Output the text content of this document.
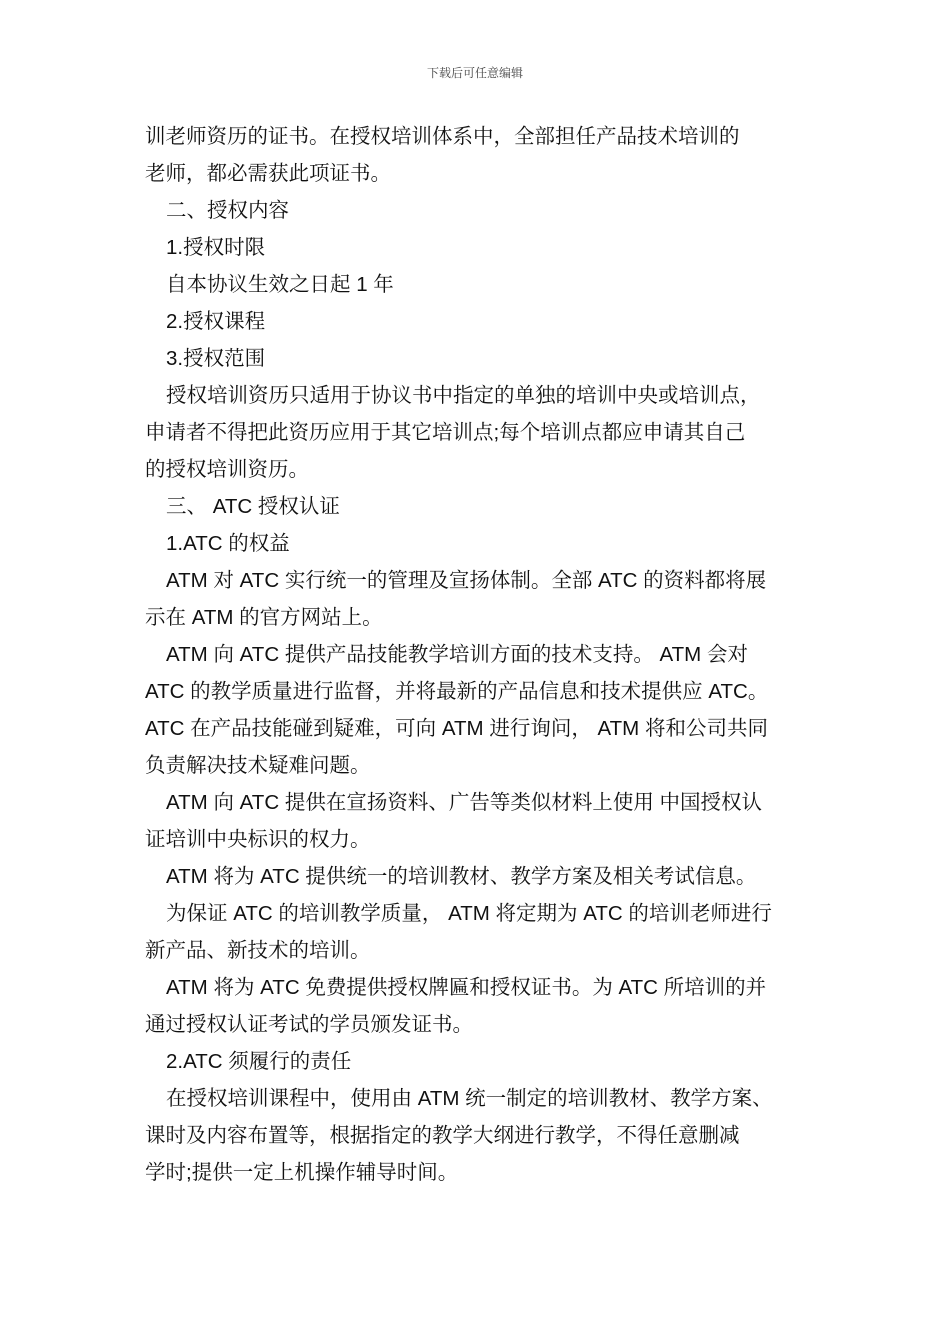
下载后可任意编辑
训老师资历的证书。在授权培训体系中，全部担任产品技术培训的
老师，都必需获此项证书。
二、授权内容
1.授权时限
自本协议生效之日起 1 年
2.授权课程
3.授权范围
授权培训资历只适用于协议书中指定的单独的培训中央或培训点，
申请者不得把此资历应用于其它培训点;每个培训点都应申请其自己
的授权培训资历。
三、 ATC 授权认证
1.ATC 的权益
ATM 对 ATC 实行统一的管理及宣扬体制。全部 ATC 的资料都将展
示在 ATM 的官方网站上。
ATM 向 ATC 提供产品技能教学培训方面的技术支持。 ATM 会对
ATC 的教学质量进行监督，并将最新的产品信息和技术提供应 ATC。
ATC 在产品技能碰到疑难，可向 ATM 进行询问， ATM 将和公司共同
负责解决技术疑难问题。
ATM 向 ATC 提供在宣扬资料、广告等类似材料上使用 中国授权认
证培训中央标识的权力。
ATM 将为 ATC 提供统一的培训教材、教学方案及相关考试信息。
为保证 ATC 的培训教学质量， ATM 将定期为 ATC 的培训老师进行
新产品、新技术的培训。
ATM 将为 ATC 免费提供授权牌匾和授权证书。为 ATC 所培训的并
通过授权认证考试的学员颁发证书。
2.ATC 须履行的责任
在授权培训课程中，使用由 ATM 统一制定的培训教材、教学方案、
课时及内容布置等，根据指定的教学大纲进行教学，不得任意删减
学时;提供一定上机操作辅导时间。
